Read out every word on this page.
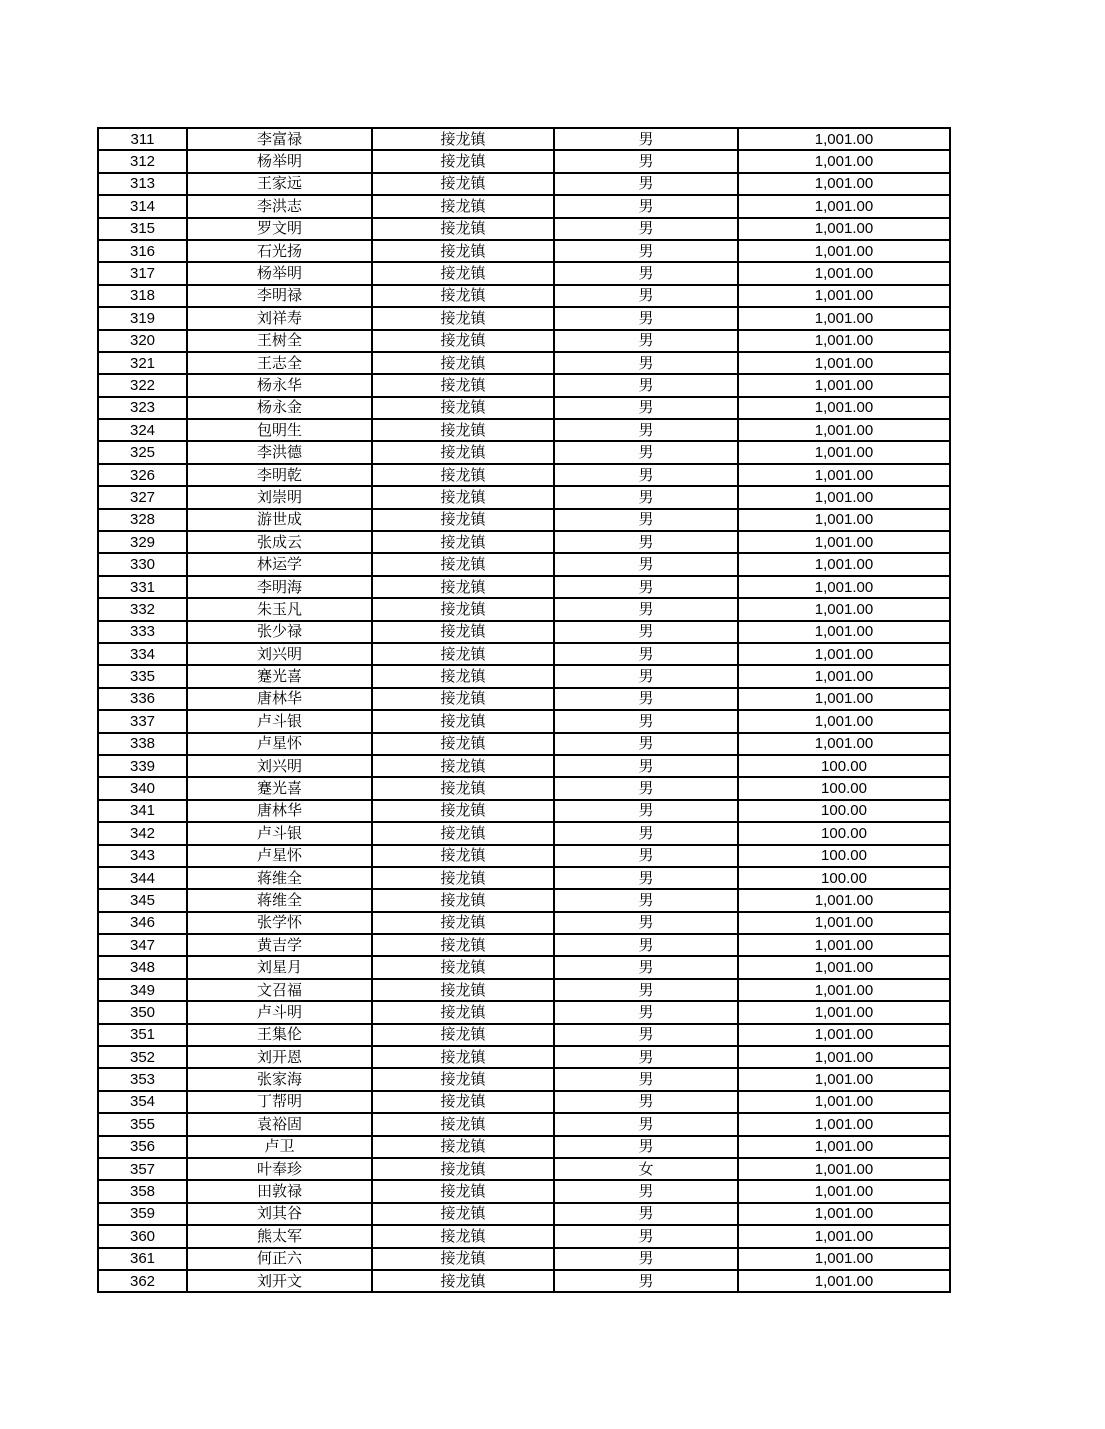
311	李富禄	接龙镇	男	1,001.00
312	杨举明	接龙镇	男	1,001.00
313	王家远	接龙镇	男	1,001.00
314	李洪志	接龙镇	男	1,001.00
315	罗文明	接龙镇	男	1,001.00
316	石光扬	接龙镇	男	1,001.00
317	杨举明	接龙镇	男	1,001.00
318	李明禄	接龙镇	男	1,001.00
319	刘祥寿	接龙镇	男	1,001.00
320	王树全	接龙镇	男	1,001.00
321	王志全	接龙镇	男	1,001.00
322	杨永华	接龙镇	男	1,001.00
323	杨永金	接龙镇	男	1,001.00
324	包明生	接龙镇	男	1,001.00
325	李洪德	接龙镇	男	1,001.00
326	李明乾	接龙镇	男	1,001.00
327	刘崇明	接龙镇	男	1,001.00
328	游世成	接龙镇	男	1,001.00
329	张成云	接龙镇	男	1,001.00
330	林运学	接龙镇	男	1,001.00
331	李明海	接龙镇	男	1,001.00
332	朱玉凡	接龙镇	男	1,001.00
333	张少禄	接龙镇	男	1,001.00
334	刘兴明	接龙镇	男	1,001.00
335	蹇光喜	接龙镇	男	1,001.00
336	唐林华	接龙镇	男	1,001.00
337	卢斗银	接龙镇	男	1,001.00
338	卢星怀	接龙镇	男	1,001.00
339	刘兴明	接龙镇	男	100.00
340	蹇光喜	接龙镇	男	100.00
341	唐林华	接龙镇	男	100.00
342	卢斗银	接龙镇	男	100.00
343	卢星怀	接龙镇	男	100.00
344	蒋维全	接龙镇	男	100.00
345	蒋维全	接龙镇	男	1,001.00
346	张学怀	接龙镇	男	1,001.00
347	黄吉学	接龙镇	男	1,001.00
348	刘星月	接龙镇	男	1,001.00
349	文召福	接龙镇	男	1,001.00
350	卢斗明	接龙镇	男	1,001.00
351	王集伦	接龙镇	男	1,001.00
352	刘开恩	接龙镇	男	1,001.00
353	张家海	接龙镇	男	1,001.00
354	丁帮明	接龙镇	男	1,001.00
355	袁裕固	接龙镇	男	1,001.00
356	卢卫	接龙镇	男	1,001.00
357	叶奉珍	接龙镇	女	1,001.00
358	田敦禄	接龙镇	男	1,001.00
359	刘其谷	接龙镇	男	1,001.00
360	熊太军	接龙镇	男	1,001.00
361	何正六	接龙镇	男	1,001.00
362	刘开文	接龙镇	男	1,001.00
